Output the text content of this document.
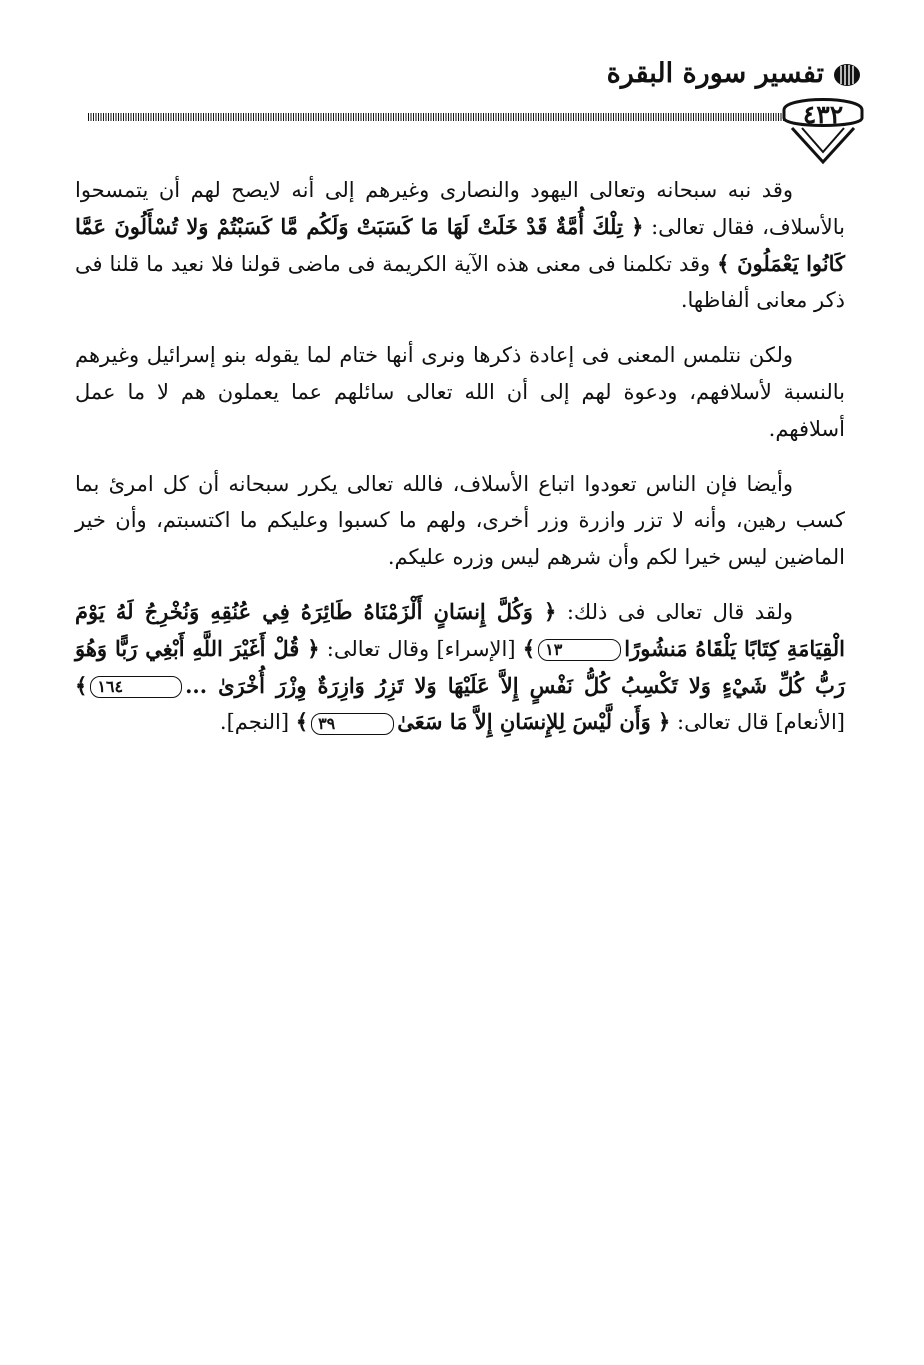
تفسير سورة البقرة
٤٣٢

وقد نبه سبحانه وتعالى اليهود والنصارى وغيرهم إلى أنه لايصح لهم أن يتمسحوا بالأسلاف، فقال تعالى: ﴿ تِلْكَ أُمَّةٌ قَدْ خَلَتْ لَهَا مَا كَسَبَتْ وَلَكُم مَّا كَسَبْتُمْ وَلا تُسْأَلُونَ عَمَّا كَانُوا يَعْمَلُونَ ﴾ وقد تكلمنا فى معنى هذه الآية الكريمة فى ماضى قولنا فلا نعيد ما قلنا فى ذكر معانى ألفاظها.

ولكن نتلمس المعنى فى إعادة ذكرها ونرى أنها ختام لما يقوله بنو إسرائيل وغيرهم بالنسبة لأسلافهم، ودعوة لهم إلى أن الله تعالى سائلهم عما يعملون هم لا ما عمل أسلافهم.

وأيضا فإن الناس تعودوا اتباع الأسلاف، فالله تعالى يكرر سبحانه أن كل امرئ بما كسب رهين، وأنه لا تزر وازرة وزر أخرى، ولهم ما كسبوا وعليكم ما اكتسبتم، وأن خير الماضين ليس خيرا لكم وأن شرهم ليس وزره عليكم.

ولقد قال تعالى فى ذلك: ﴿ وَكُلَّ إِنسَانٍ أَلْزَمْنَاهُ طَائِرَهُ فِي عُنُقِهِ وَنُخْرِجُ لَهُ يَوْمَ الْقِيَامَةِ كِتَابًا يَلْقَاهُ مَنشُورًا١٣﴾ [الإسراء] وقال تعالى: ﴿ قُلْ أَغَيْرَ اللَّهِ أَبْغِي رَبًّا وَهُوَ رَبُّ كُلِّ شَيْءٍ وَلا تَكْسِبُ كُلُّ نَفْسٍ إِلاَّ عَلَيْهَا وَلا تَزِرُ وَازِرَةٌ وِزْرَ أُخْرَىٰ ...١٦٤﴾ [الأنعام] قال تعالى: ﴿ وَأَن لَّيْسَ لِلإِنسَانِ إِلاَّ مَا سَعَىٰ٣٩﴾ [النجم].
